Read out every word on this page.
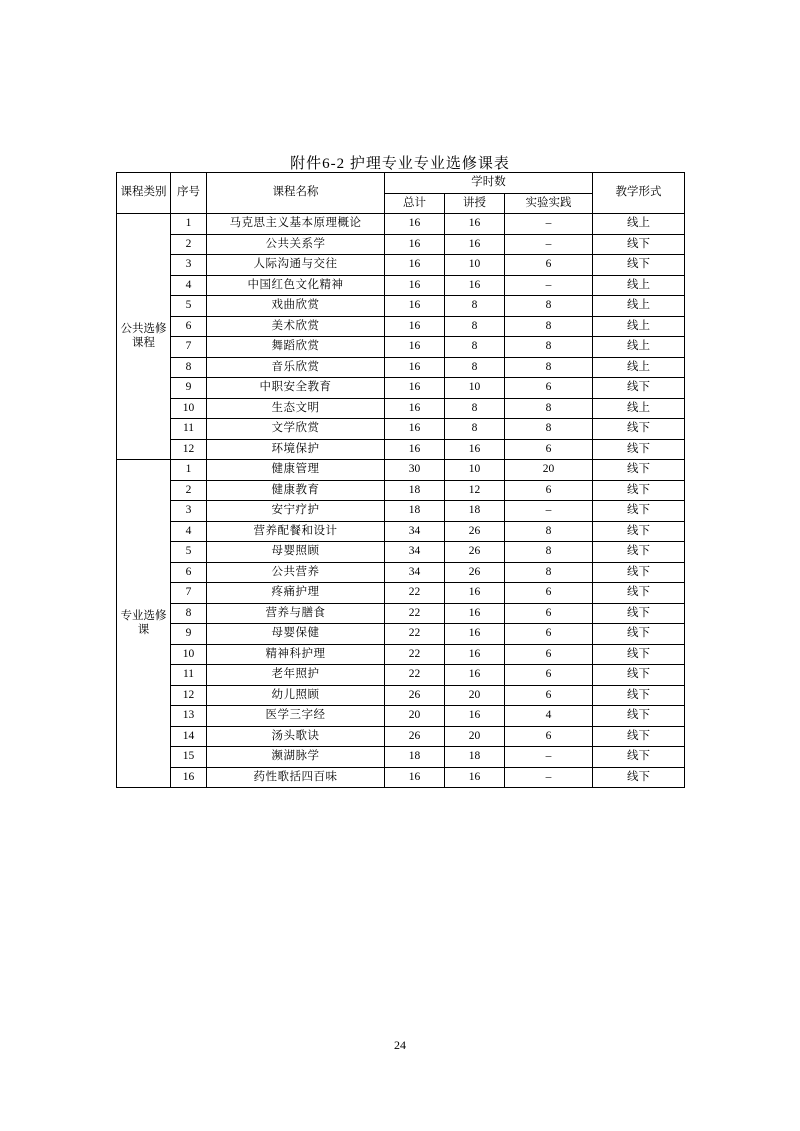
附件6-2 护理专业专业选修课表
课程类别	序号	课程名称	学时数			教学形式
			总计	讲授	实验实践	
公共选修课程	1	马克思主义基本原理概论	16	16	–	线上
	2	公共关系学	16	16	–	线下
	3	人际沟通与交往	16	10	6	线下
	4	中国红色文化精神	16	16	–	线上
	5	戏曲欣赏	16	8	8	线上
	6	美术欣赏	16	8	8	线上
	7	舞蹈欣赏	16	8	8	线上
	8	音乐欣赏	16	8	8	线上
	9	中职安全教育	16	10	6	线下
	10	生态文明	16	8	8	线上
	11	文学欣赏	16	8	8	线下
	12	环境保护	16	16	6	线下
专业选修课	1	健康管理	30	10	20	线下
	2	健康教育	18	12	6	线下
	3	安宁疗护	18	18	–	线下
	4	营养配餐和设计	34	26	8	线下
	5	母婴照顾	34	26	8	线下
	6	公共营养	34	26	8	线下
	7	疼痛护理	22	16	6	线下
	8	营养与膳食	22	16	6	线下
	9	母婴保健	22	16	6	线下
	10	精神科护理	22	16	6	线下
	11	老年照护	22	16	6	线下
	12	幼儿照顾	26	20	6	线下
	13	医学三字经	20	16	4	线下
	14	汤头歌诀	26	20	6	线下
	15	濒湖脉学	18	18	–	线下
	16	药性歌括四百味	16	16	–	线下
24
